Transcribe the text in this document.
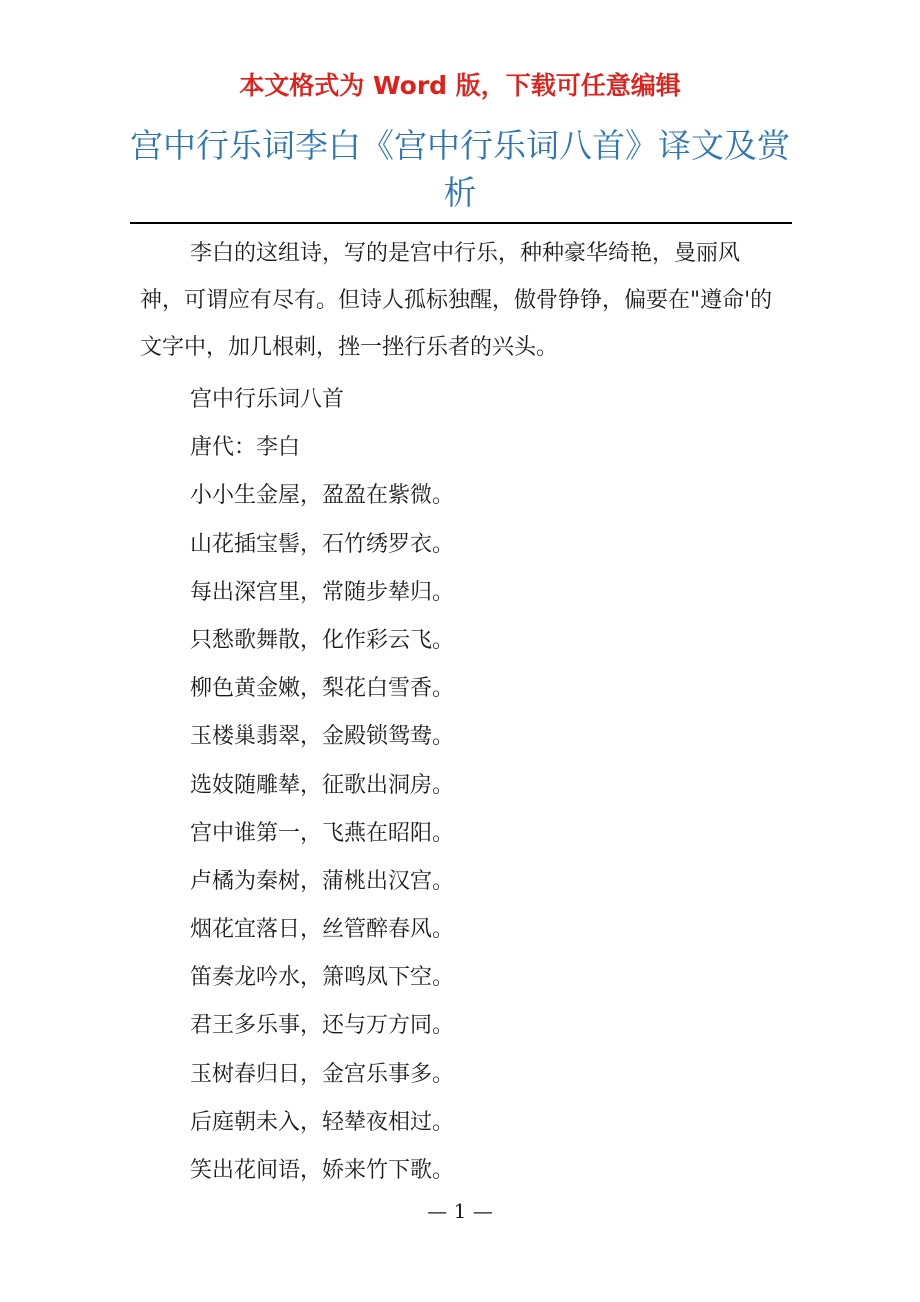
本文格式为 Word 版，下载可任意编辑
宫中行乐词李白《宫中行乐词八首》译文及赏析

李白的这组诗，写的是宫中行乐，种种豪华绮艳，曼丽风神，可谓应有尽有。但诗人孤标独醒，傲骨铮铮，偏要在"遵命'的文字中，加几根刺，挫一挫行乐者的兴头。

宫中行乐词八首
唐代：李白
小小生金屋，盈盈在紫微。
山花插宝髻，石竹绣罗衣。
每出深宫里，常随步辇归。
只愁歌舞散，化作彩云飞。
柳色黄金嫩，梨花白雪香。
玉楼巢翡翠，金殿锁鸳鸯。
选妓随雕辇，征歌出洞房。
宫中谁第一，飞燕在昭阳。
卢橘为秦树，蒲桃出汉宫。
烟花宜落日，丝管醉春风。
笛奏龙吟水，箫鸣凤下空。
君王多乐事，还与万方同。
玉树春归日，金宫乐事多。
后庭朝未入，轻辇夜相过。
笑出花间语，娇来竹下歌。
— 1 —
